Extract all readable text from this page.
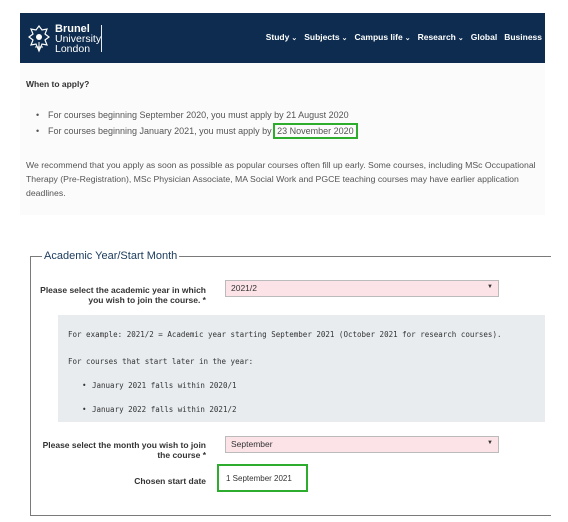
Brunel
University
London
Study ⌄ Subjects ⌄ Campus life ⌄ Research ⌄ Global Business
When to apply?
• For courses beginning September 2020, you must apply by 21 August 2020
• For courses beginning January 2021, you must apply by 23 November 2020
We recommend that you apply as soon as possible as popular courses often fill up early. Some courses, including MSc Occupational Therapy (Pre-Registration), MSc Physician Associate, MA Social Work and PGCE teaching courses may have earlier application deadlines.
Academic Year/Start Month
Please select the academic year in which you wish to join the course. *
2021/2	▼

For example: 2021/2 = Academic year starting September 2021 (October 2021 for research courses).

For courses that start later in the year:

• January 2021 falls within 2020/1
• January 2022 falls within 2021/2
Please select the month you wish to join the course *
September	▼
Chosen start date	1 September 2021
